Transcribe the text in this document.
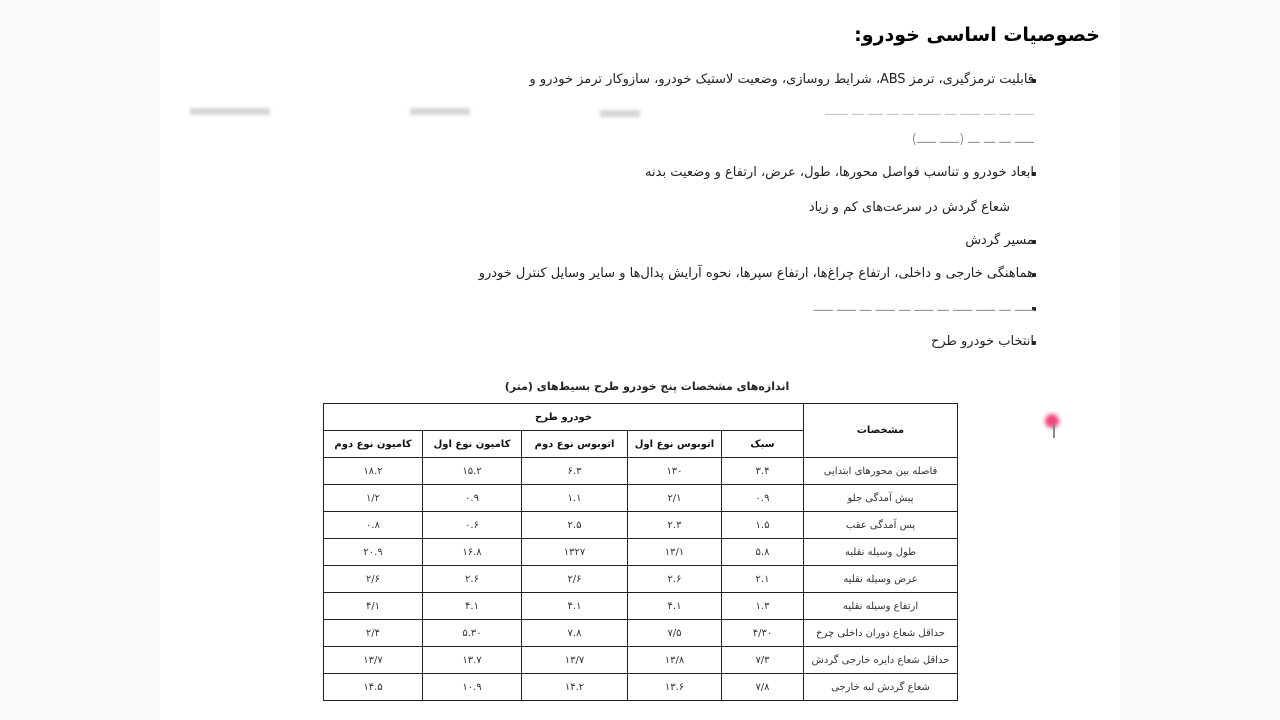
خصوصیات اساسی خودرو:
قابلیت ترمزگیری، ترمز ABS، شرایط روسازی، وضعیت لاستیک خودرو، سازوکار ترمز خودرو و
ـــــ ـــ ـــ ـــــ ـــ ــــــ ـــ ـــ ــــ ـــ ــــــ
ـــــ ـــ ـــ ـــ (ـــــ ـــــ)
ابعاد خودرو و تناسب فواصل محورها، طول، عرض، ارتفاع و وضعیت بدنه
شعاع گردش در سرعت‌های کم و زیاد
مسیر گردش
هماهنگی خارجی و داخلی، ارتفاع چراغ‌ها، ارتفاع سپرها، نحوه آرایش پدال‌ها و سایر وسایل کنترل خودرو
ـــــ ـــ ـــــ ـــــ ـــ ـــــ ـــ ـــــ ـــ ـــــ ـــــ
انتخاب خودرو طرح
اندازه‌های مشخصات پنج خودرو طرح بسیط‌های (متر)
مشخصات	خودرو طرح				
	سبک	اتوبوس نوع اول	اتوبوس نوع دوم	کامیون نوع اول	کامیون نوع دوم
فاصله بین محورهای ابتدایی	۳.۴	۱۳۰	۶.۳	۱۵.۲	۱۸.۲
پیش آمدگی جلو	۰.۹	۲/۱	۱.۱	۰.۹	۱/۲
پس آمدگی عقب	۱.۵	۲.۳	۲.۵	۰.۶	۰.۸
طول وسیله نقلیه	۵.۸	۱۳/۱	۱۳۲۷	۱۶.۸	۲۰.۹
عرض وسیله نقلیه	۲.۱	۲.۶	۲/۶	۲.۶	۲/۶
ارتفاع وسیله نقلیه	۱.۳	۴.۱	۴.۱	۴.۱	۴/۱
حداقل شعاع دوران داخلی چرخ	۴/۳۰	۷/۵	۷.۸	۵.۳۰	۲/۴
حداقل شعاع دایره خارجی گردش	۷/۳	۱۳/۸	۱۳/۷	۱۳.۷	۱۳/۷
شعاع گردش لبه خارجی	۷/۸	۱۳.۶	۱۴.۲	۱۰.۹	۱۴.۵
